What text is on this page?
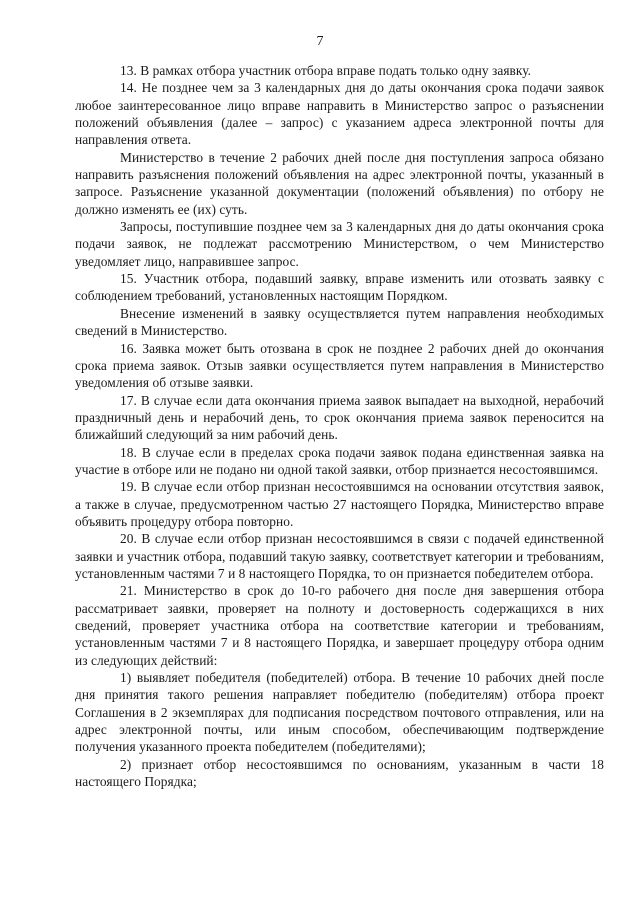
7

13. В рамках отбора участник отбора вправе подать только одну заявку.

14. Не позднее чем за 3 календарных дня до даты окончания срока подачи заявок любое заинтересованное лицо вправе направить в Министерство запрос о разъяснении положений объявления (далее – запрос) с указанием адреса электронной почты для направления ответа.

Министерство в течение 2 рабочих дней после дня поступления запроса обязано направить разъяснения положений объявления на адрес электронной почты, указанный в запросе. Разъяснение указанной документации (положений объявления) по отбору не должно изменять ее (их) суть.

Запросы, поступившие позднее чем за 3 календарных дня до даты окончания срока подачи заявок, не подлежат рассмотрению Министерством, о чем Министерство уведомляет лицо, направившее запрос.

15. Участник отбора, подавший заявку, вправе изменить или отозвать заявку с соблюдением требований, установленных настоящим Порядком.

Внесение изменений в заявку осуществляется путем направления необходимых сведений в Министерство.

16. Заявка может быть отозвана в срок не позднее 2 рабочих дней до окончания срока приема заявок. Отзыв заявки осуществляется путем направления в Министерство уведомления об отзыве заявки.

17. В случае если дата окончания приема заявок выпадает на выходной, нерабочий праздничный день и нерабочий день, то срок окончания приема заявок переносится на ближайший следующий за ним рабочий день.

18. В случае если в пределах срока подачи заявок подана единственная заявка на участие в отборе или не подано ни одной такой заявки, отбор признается несостоявшимся.

19. В случае если отбор признан несостоявшимся на основании отсутствия заявок, а также в случае, предусмотренном частью 27 настоящего Порядка, Министерство вправе объявить процедуру отбора повторно.

20. В случае если отбор признан несостоявшимся в связи с подачей единственной заявки и участник отбора, подавший такую заявку, соответствует категории и требованиям, установленным частями 7 и 8 настоящего Порядка, то он признается победителем отбора.

21. Министерство в срок до 10-го рабочего дня после дня завершения отбора рассматривает заявки, проверяет на полноту и достоверность содержащихся в них сведений, проверяет участника отбора на соответствие категории и требованиям, установленным частями 7 и 8 настоящего Порядка, и завершает процедуру отбора одним из следующих действий:

1) выявляет победителя (победителей) отбора. В течение 10 рабочих дней после дня принятия такого решения направляет победителю (победителям) отбора проект Соглашения в 2 экземплярах для подписания посредством почтового отправления, или на адрес электронной почты, или иным способом, обеспечивающим подтверждение получения указанного проекта победителем (победителями);

2) признает отбор несостоявшимся по основаниям, указанным в части 18 настоящего Порядка;
